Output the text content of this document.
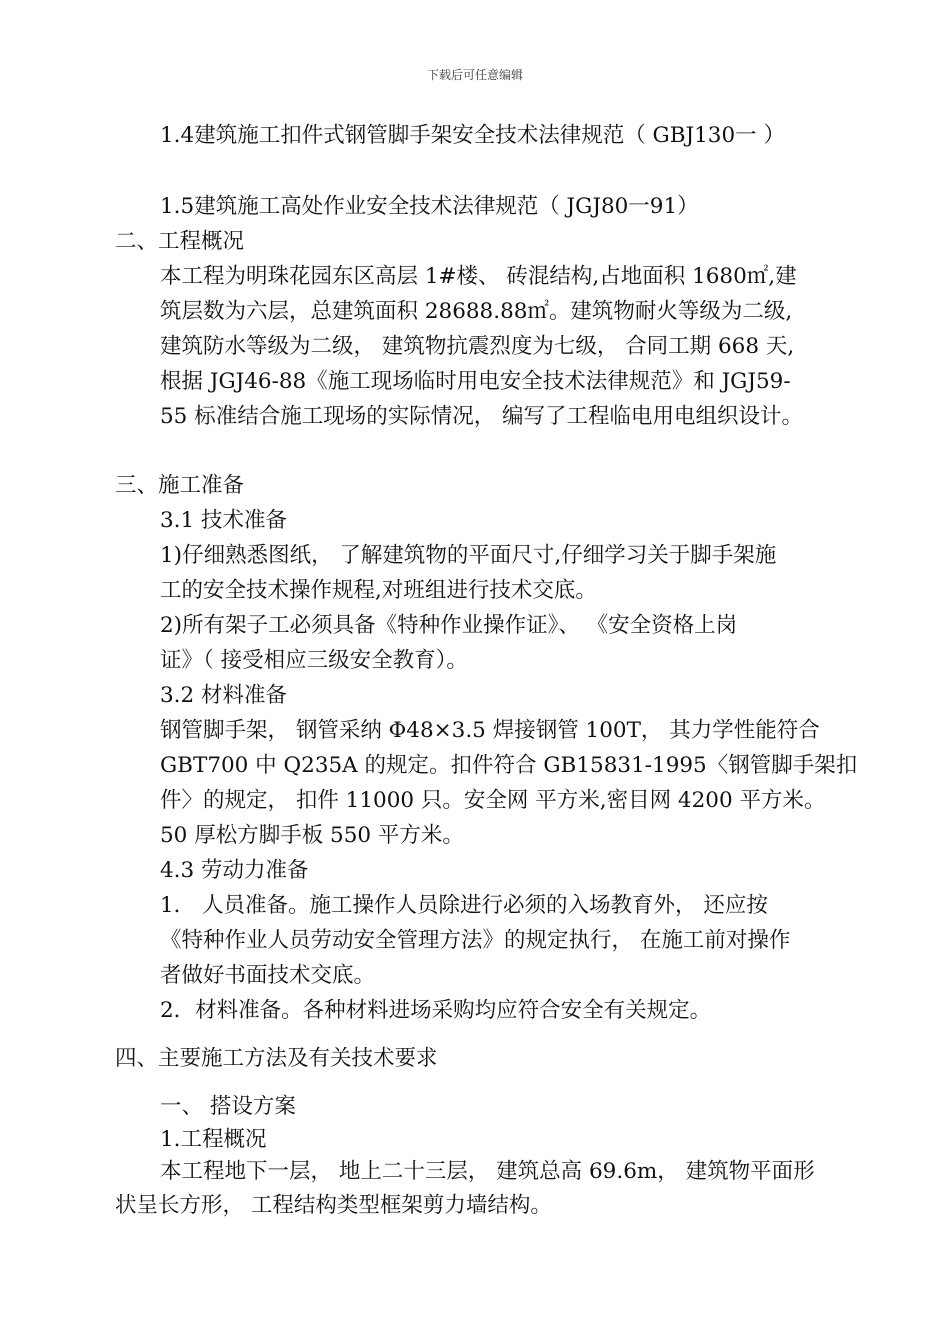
下载后可任意编辑
1.4建筑施工扣件式钢管脚手架安全技术法律规范（ GBJ130一 ）
1.5建筑施工高处作业安全技术法律规范（ JGJ80一91）
二、工程概况
本工程为明珠花园东区高层 1#楼、 砖混结构,占地面积 1680㎡,建
筑层数为六层，总建筑面积 28688.88㎡。建筑物耐火等级为二级,
建筑防水等级为二级， 建筑物抗震烈度为七级， 合同工期 668 天,
根据 JGJ46-88《施工现场临时用电安全技术法律规范》和 JGJ59-
55 标准结合施工现场的实际情况， 编写了工程临电用电组织设计。
三、施工准备
3.1 技术准备
1)仔细熟悉图纸， 了解建筑物的平面尺寸,仔细学习关于脚手架施
工的安全技术操作规程,对班组进行技术交底。
2)所有架子工必须具备《特种作业操作证》、 《安全资格上岗
证》（ 接受相应三级安全教育）。
3.2 材料准备
钢管脚手架， 钢管采纳 Φ48×3.5 焊接钢管 100T， 其力学性能符合
GBT700 中 Q235A 的规定。扣件符合 GB15831-1995〈钢管脚手架扣
件〉的规定， 扣件 11000 只。安全网 平方米,密目网 4200 平方米。
50 厚松方脚手板 550 平方米。
4.3 劳动力准备
1． 人员准备。施工操作人员除进行必须的入场教育外， 还应按
《特种作业人员劳动安全管理方法》的规定执行， 在施工前对操作
者做好书面技术交底。
2．材料准备。各种材料进场采购均应符合安全有关规定。
四、主要施工方法及有关技术要求
一、 搭设方案
1.工程概况
本工程地下一层， 地上二十三层， 建筑总高 69.6m， 建筑物平面形
状呈长方形， 工程结构类型框架剪力墙结构。
